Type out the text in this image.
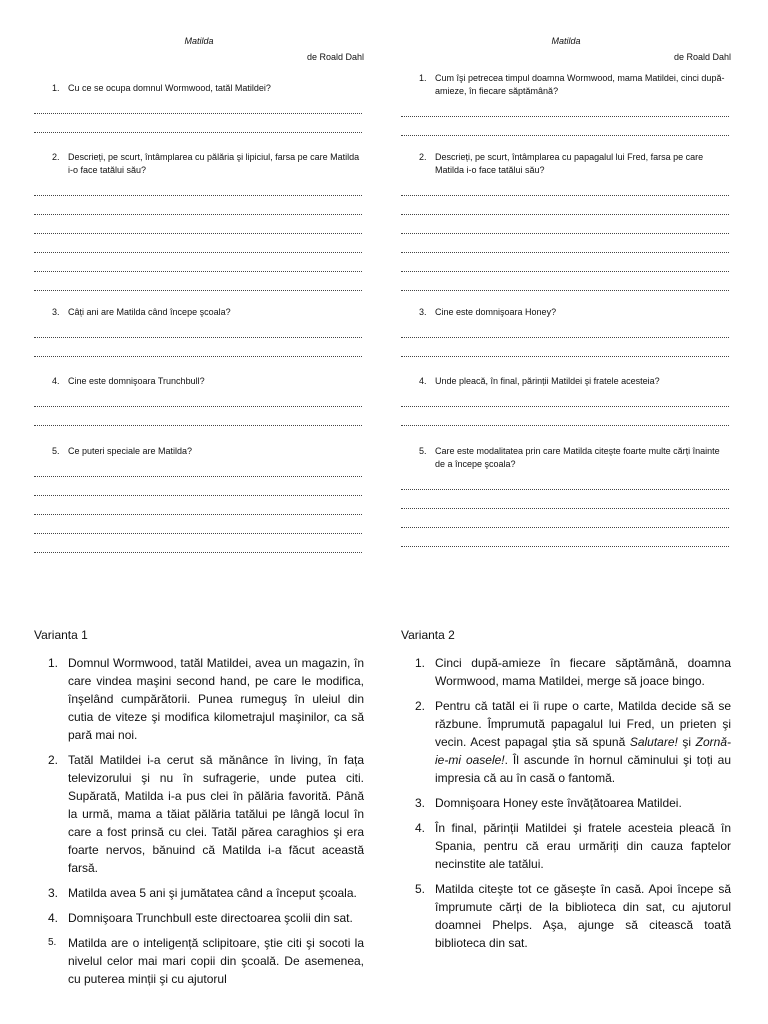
Matilda
de Roald Dahl
1. Cu ce se ocupa domnul Wormwood, tatăl Matildei?
2. Descrieți, pe scurt, întâmplarea cu pălăria şi lipiciul, farsa pe care Matilda i-o face tatălui său?
3. Câți ani are Matilda când începe şcoala?
4. Cine este domnişoara Trunchbull?
5. Ce puteri speciale are Matilda?
Matilda
de Roald Dahl
1. Cum îşi petrecea timpul doamna Wormwood, mama Matildei, cinci după-amieze, în fiecare săptămână?
2. Descrieți, pe scurt, întâmplarea cu papagalul lui Fred, farsa pe care Matilda i-o face tatălui său?
3. Cine este domnişoara Honey?
4. Unde pleacă, în final, părinții Matildei şi fratele acesteia?
5. Care este modalitatea prin care Matilda citeşte foarte multe cărți înainte de a începe şcoala?
Varianta 1	Varianta 2
1. Domnul Wormwood, tatăl Matildei, avea un magazin, în care vindea maşini second hand, pe care le modifica, înşelând cumpărătorii. Punea rumeguş în uleiul din cutia de viteze şi modifica kilometrajul maşinilor, ca să pară mai noi.
2. Tatăl Matildei i-a cerut să mănânce în living, în fața televizorului şi nu în sufragerie, unde putea citi. Supărată, Matilda i-a pus clei în pălăria favorită. Până la urmă, mama a tăiat pălăria tatălui pe lângă locul în care a fost prinsă cu clei. Tatăl părea caraghios şi era foarte nervos, bănuind că Matilda i-a făcut această farsă.
3. Matilda avea 5 ani şi jumătatea când a început şcoala.
4. Domnişoara Trunchbull este directoarea şcolii din sat.
5. Matilda are o inteligență sclipitoare, ştie citi şi socoti la nivelul celor mai mari copii din şcoală. De asemenea, cu puterea minții şi cu ajutorul
1. Cinci după-amieze în fiecare săptămână, doamna Wormwood, mama Matildei, merge să joace bingo.
2. Pentru că tatăl ei îi rupe o carte, Matilda decide să se răzbune. Împrumută papagalul lui Fred, un prieten şi vecin. Acest papagal ştia să spună Salutare! şi Zornă- ie-mi oasele!. Îl ascunde în hornul căminului şi toți au impresia că au în casă o fantomă.
3. Domnişoara Honey este învățătoarea Matildei.
4. În final, părinții Matildei şi fratele acesteia pleacă în Spania, pentru că erau urmăriți din cauza faptelor necinstite ale tatălui.
5. Matilda citeşte tot ce găseşte în casă. Apoi începe să împrumute cărți de la biblioteca din sat, cu ajutorul doamnei Phelps. Aşa, ajunge să citească toată biblioteca din sat.
